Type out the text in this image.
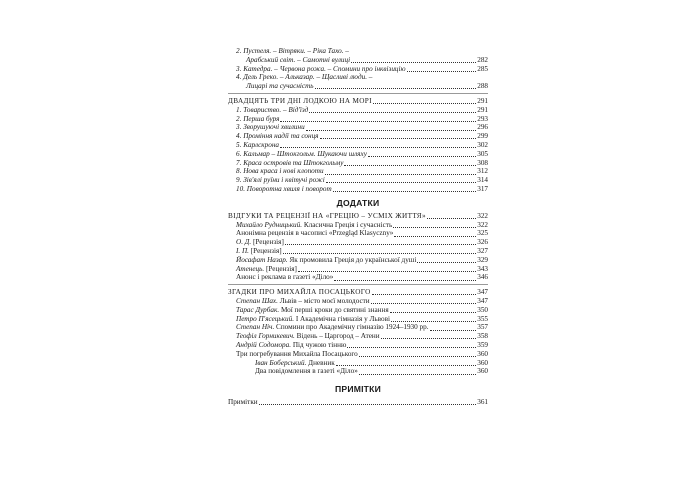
2. Пустеля. – Вітряки. – Ріка Тахо. –
Арабський світ. – Самотні вулиці	282
3. Катедра. – Червона рожа. – Спомини про інквізицію	285
4. Дель Греко. – Альказар. – Щасливі люди. –
Лицарі та сучасність	288
ДВАДЦЯТЬ ТРИ ДНІ ЛОДКОЮ НА МОРІ	291
1. Товариство. – Від'їзд	291
2. Перша буря	293
3. Зворушуючі хвилини	296
4. Проміння надії та сонця	299
5. Карлскрона	302
6. Кальмар – Штокгольм. Шукаючи шляху	305
7. Краса островів та Штокгольму	308
8. Нова краса і нові клопоти	312
9. Зів'ялі руїни і квітучі рожі	314
10. Поворотна хвиля і поворот	317
ДОДАТКИ
ВІДГУКИ ТА РЕЦЕНЗІЇ НА «ГРЕЦІЮ – УСМІХ ЖИТТЯ»	322
Михайло Рудницький. Класична Греція і сучасність	322
Анонімна рецензія в часописі «Przegląd Klasyczny»	325
О. Д. [Рецензія]	326
І. П. [Рецензія]	327
Йосафат Назар. Як промовила Греція до української душі	329
Атенець. [Рецензія]	343
Анонс і реклама в газеті «Діло»	346
ЗГАДКИ ПРО МИХАЙЛА ПОСАЦЬКОГО	347
Степан Шах. Львів – місто моєї молодости	347
Тарас Дурбак. Мої перші кроки до святині знання	350
Петро П'ясецький. І Академічна гімназія у Львові	355
Степан Ніч. Спомини про Академічну гімназію 1924–1930 рр.	357
Теофіл Горникевич. Відень – Царгород – Атени	358
Андрій Содомора. Під чужою тінню	359
Три погребування Михайла Посацького	360
Іван Боберський. Дневник	360
Два повідомлення в газеті «Діло»	360
ПРИМІТКИ
Примітки	361
